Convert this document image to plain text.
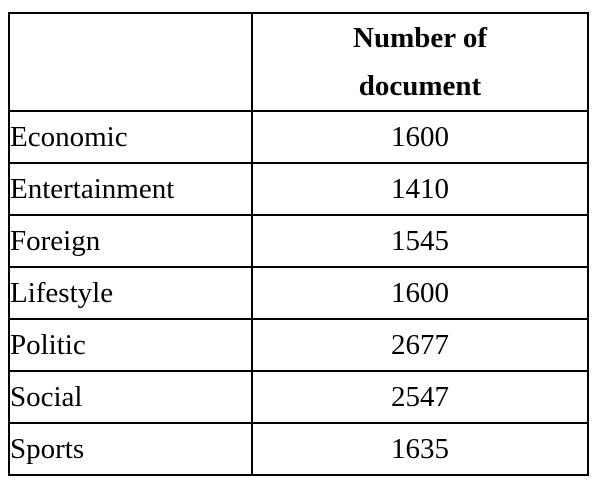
	Number of
document
Economic	1600
Entertainment	1410
Foreign	1545
Lifestyle	1600
Politic	2677
Social	2547
Sports	1635
